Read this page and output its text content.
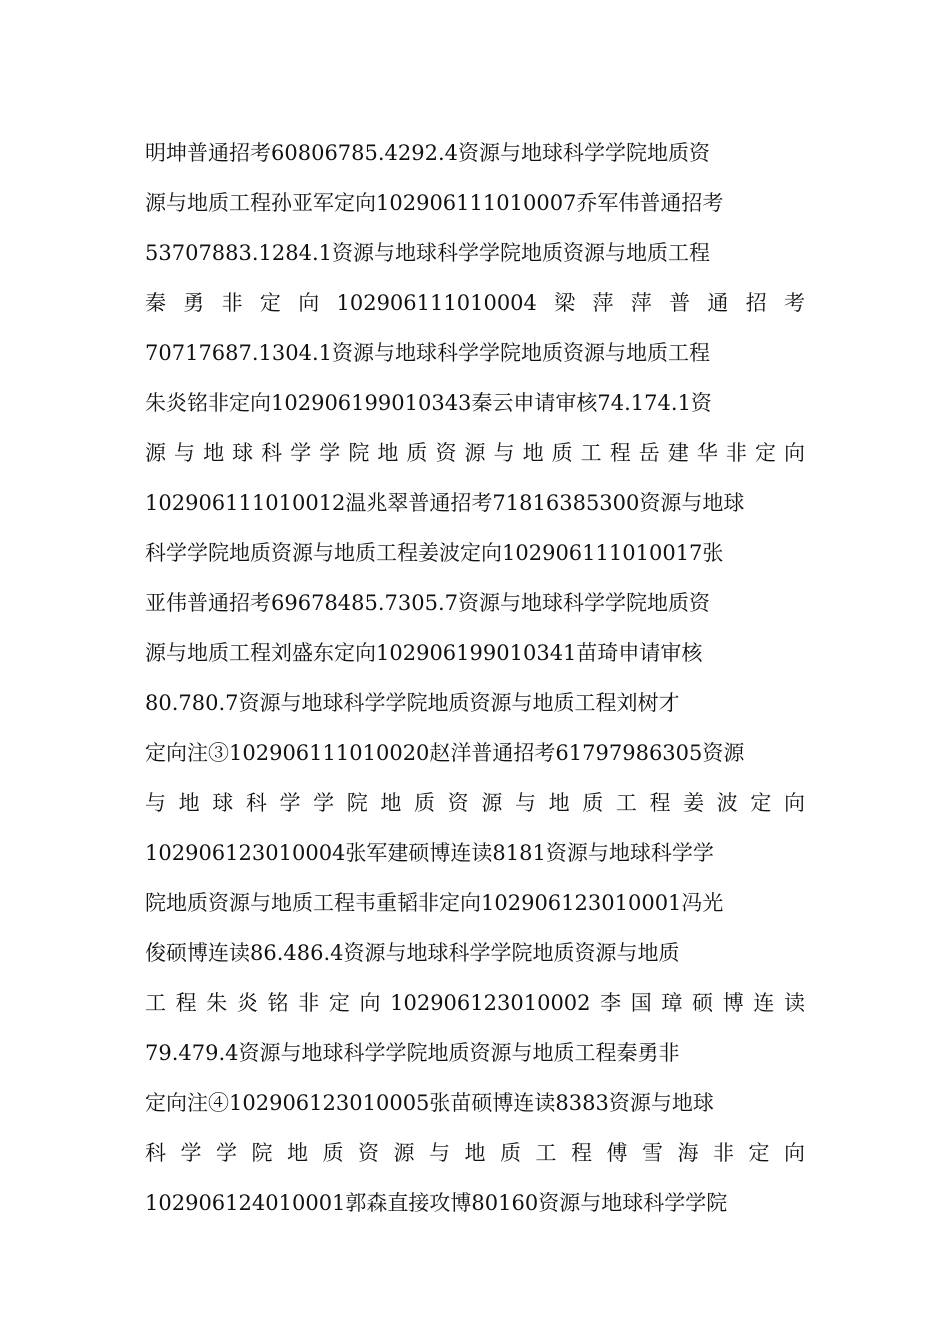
明坤普通招考60806785.4292.4资源与地球科学学院地质资
源与地质工程孙亚军定向102906111010007乔军伟普通招考
53707883.1284.1资源与地球科学学院地质资源与地质工程
秦勇非定向102906111010004梁萍萍普通招考
70717687.1304.1资源与地球科学学院地质资源与地质工程
朱炎铭非定向102906199010343秦云申请审核74.174.1资
源与地球科学学院地质资源与地质工程岳建华非定向
102906111010012温兆翠普通招考71816385300资源与地球
科学学院地质资源与地质工程姜波定向102906111010017张
亚伟普通招考69678485.7305.7资源与地球科学学院地质资
源与地质工程刘盛东定向102906199010341苗琦申请审核
80.780.7资源与地球科学学院地质资源与地质工程刘树才
定向注③102906111010020赵洋普通招考61797986305资源
与地球科学学院地质资源与地质工程姜波定向
102906123010004张军建硕博连读8181资源与地球科学学
院地质资源与地质工程韦重韬非定向102906123010001冯光
俊硕博连读86.486.4资源与地球科学学院地质资源与地质
工程朱炎铭非定向102906123010002李国璋硕博连读
79.479.4资源与地球科学学院地质资源与地质工程秦勇非
定向注④102906123010005张苗硕博连读8383资源与地球
科学学院地质资源与地质工程傅雪海非定向
102906124010001郭森直接攻博80160资源与地球科学学院
